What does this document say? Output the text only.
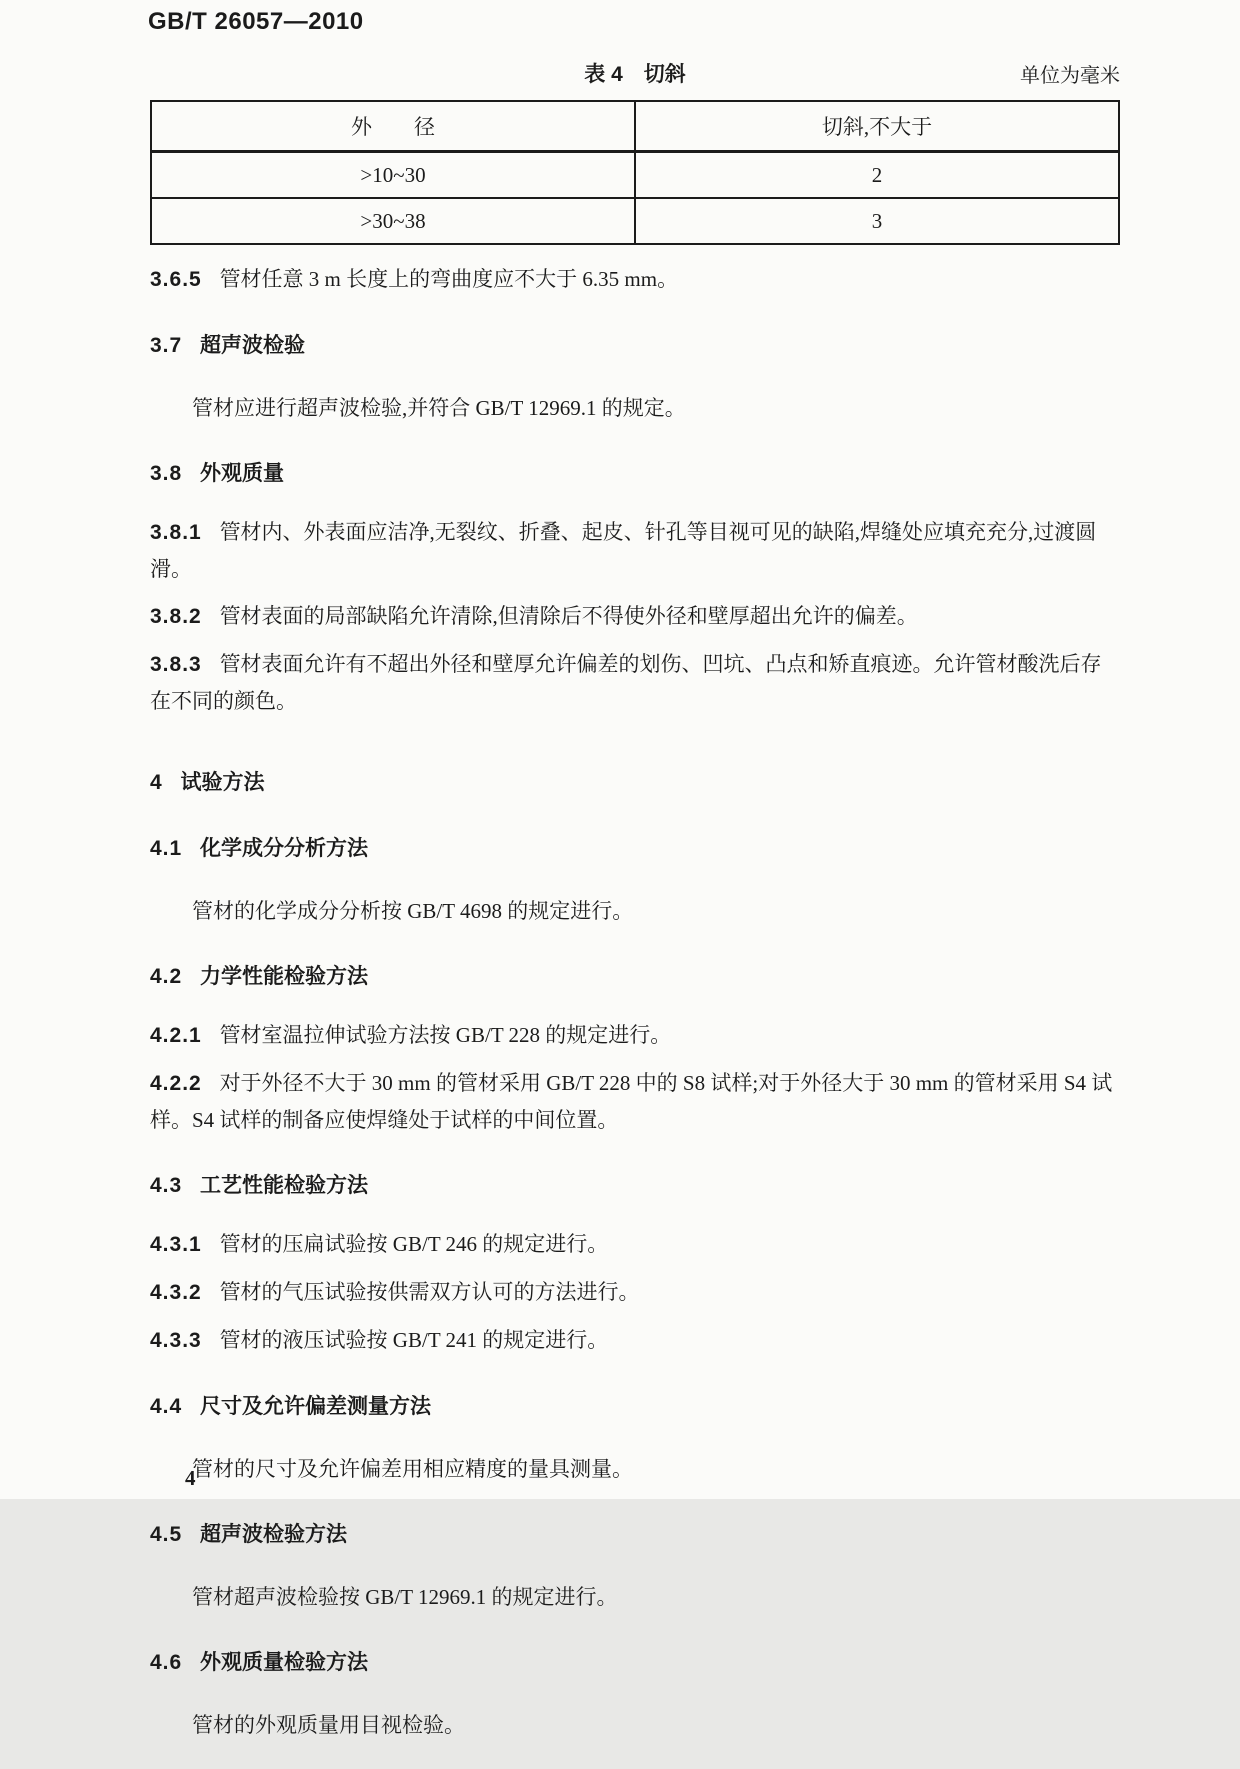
GB/T 26057—2010
表 4　切斜	单位为毫米
外　　径	切斜,不大于
>10~30	2
>30~38	3

3.6.5 管材任意 3 m 长度上的弯曲度应不大于 6.35 mm。

3.7 超声波检验

管材应进行超声波检验,并符合 GB/T 12969.1 的规定。

3.8 外观质量

3.8.1 管材内、外表面应洁净,无裂纹、折叠、起皮、针孔等目视可见的缺陷,焊缝处应填充充分,过渡圆滑。

3.8.2 管材表面的局部缺陷允许清除,但清除后不得使外径和壁厚超出允许的偏差。

3.8.3 管材表面允许有不超出外径和壁厚允许偏差的划伤、凹坑、凸点和矫直痕迹。允许管材酸洗后存在不同的颜色。

4 试验方法

4.1 化学成分分析方法

管材的化学成分分析按 GB/T 4698 的规定进行。

4.2 力学性能检验方法

4.2.1 管材室温拉伸试验方法按 GB/T 228 的规定进行。

4.2.2 对于外径不大于 30 mm 的管材采用 GB/T 228 中的 S8 试样;对于外径大于 30 mm 的管材采用 S4 试样。S4 试样的制备应使焊缝处于试样的中间位置。

4.3 工艺性能检验方法

4.3.1 管材的压扁试验按 GB/T 246 的规定进行。

4.3.2 管材的气压试验按供需双方认可的方法进行。

4.3.3 管材的液压试验按 GB/T 241 的规定进行。

4.4 尺寸及允许偏差测量方法

管材的尺寸及允许偏差用相应精度的量具测量。

4.5 超声波检验方法

管材超声波检验按 GB/T 12969.1 的规定进行。

4.6 外观质量检验方法

管材的外观质量用目视检验。

4
